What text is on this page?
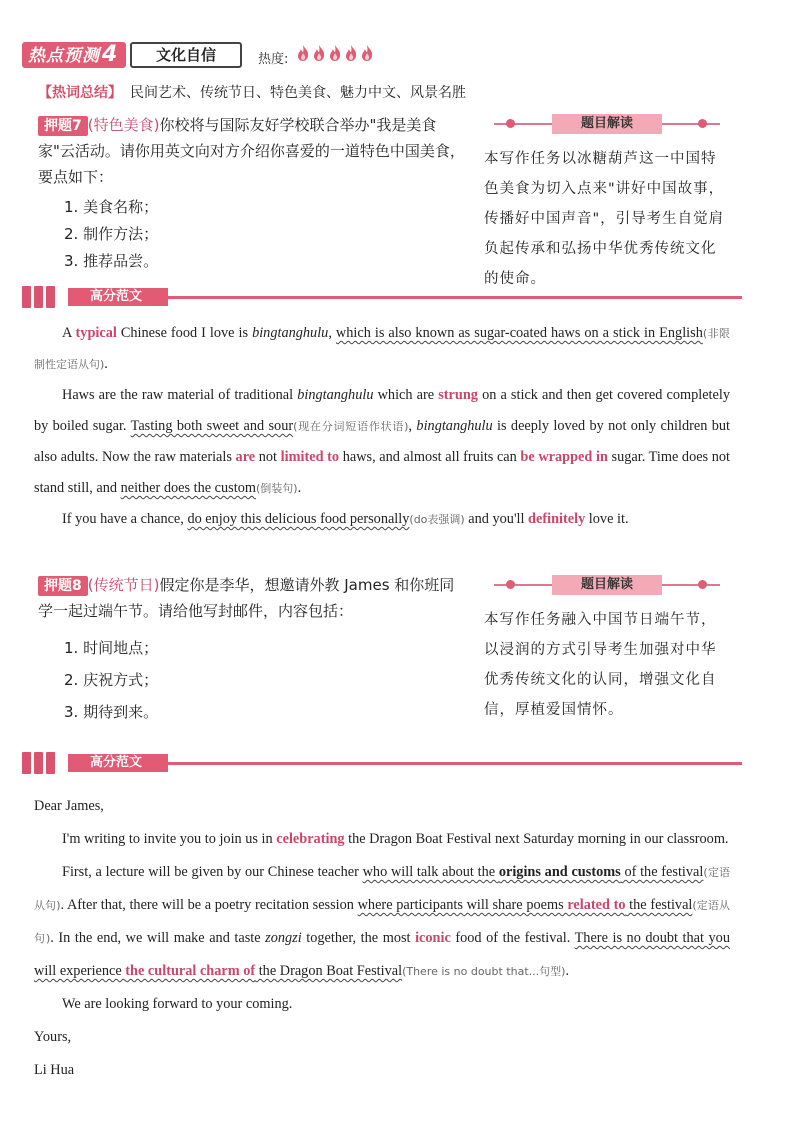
热点预测4	文化自信	热度:
【热词总结】 民间艺术、传统节日、特色美食、魅力中文、风景名胜
押题7 (特色美食)你校将与国际友好学校联合举办"我是美食家"云活动。请你用英文向对方介绍你喜爱的一道特色中国美食，要点如下：
1. 美食名称；
2. 制作方法；
3. 推荐品尝。
题目解读
本写作任务以冰糖葫芦这一中国特色美食为切入点来"讲好中国故事，传播好中国声音"，引导考生自觉肩负起传承和弘扬中华优秀传统文化的使命。
高分范文

A typical Chinese food I love is bingtanghulu, which is also known as sugar-coated haws on a stick in English(非限制性定语从句).

Haws are the raw material of traditional bingtanghulu which are strung on a stick and then get covered completely by boiled sugar. Tasting both sweet and sour(现在分词短语作状语), bingtanghulu is deeply loved by not only children but also adults. Now the raw materials are not limited to haws, and almost all fruits can be wrapped in sugar. Time does not stand still, and neither does the custom(倒装句).

If you have a chance, do enjoy this delicious food personally(do表强调) and you'll definitely love it.

押题8 (传统节日)假定你是李华，想邀请外教 James 和你班同学一起过端午节。请给他写封邮件，内容包括：
1. 时间地点；
2. 庆祝方式；
3. 期待到来。
题目解读
本写作任务融入中国节日端午节，以浸润的方式引导考生加强对中华优秀传统文化的认同，增强文化自信，厚植爱国情怀。
高分范文

Dear James,

I'm writing to invite you to join us in celebrating the Dragon Boat Festival next Saturday morning in our classroom.

First, a lecture will be given by our Chinese teacher who will talk about the origins and customs of the festival(定语从句). After that, there will be a poetry recitation session where participants will share poems related to the festival(定语从句). In the end, we will make and taste zongzi together, the most iconic food of the festival. There is no doubt that you will experience the cultural charm of the Dragon Boat Festival(There is no doubt that...句型).

We are looking forward to your coming.

Yours,

Li Hua
